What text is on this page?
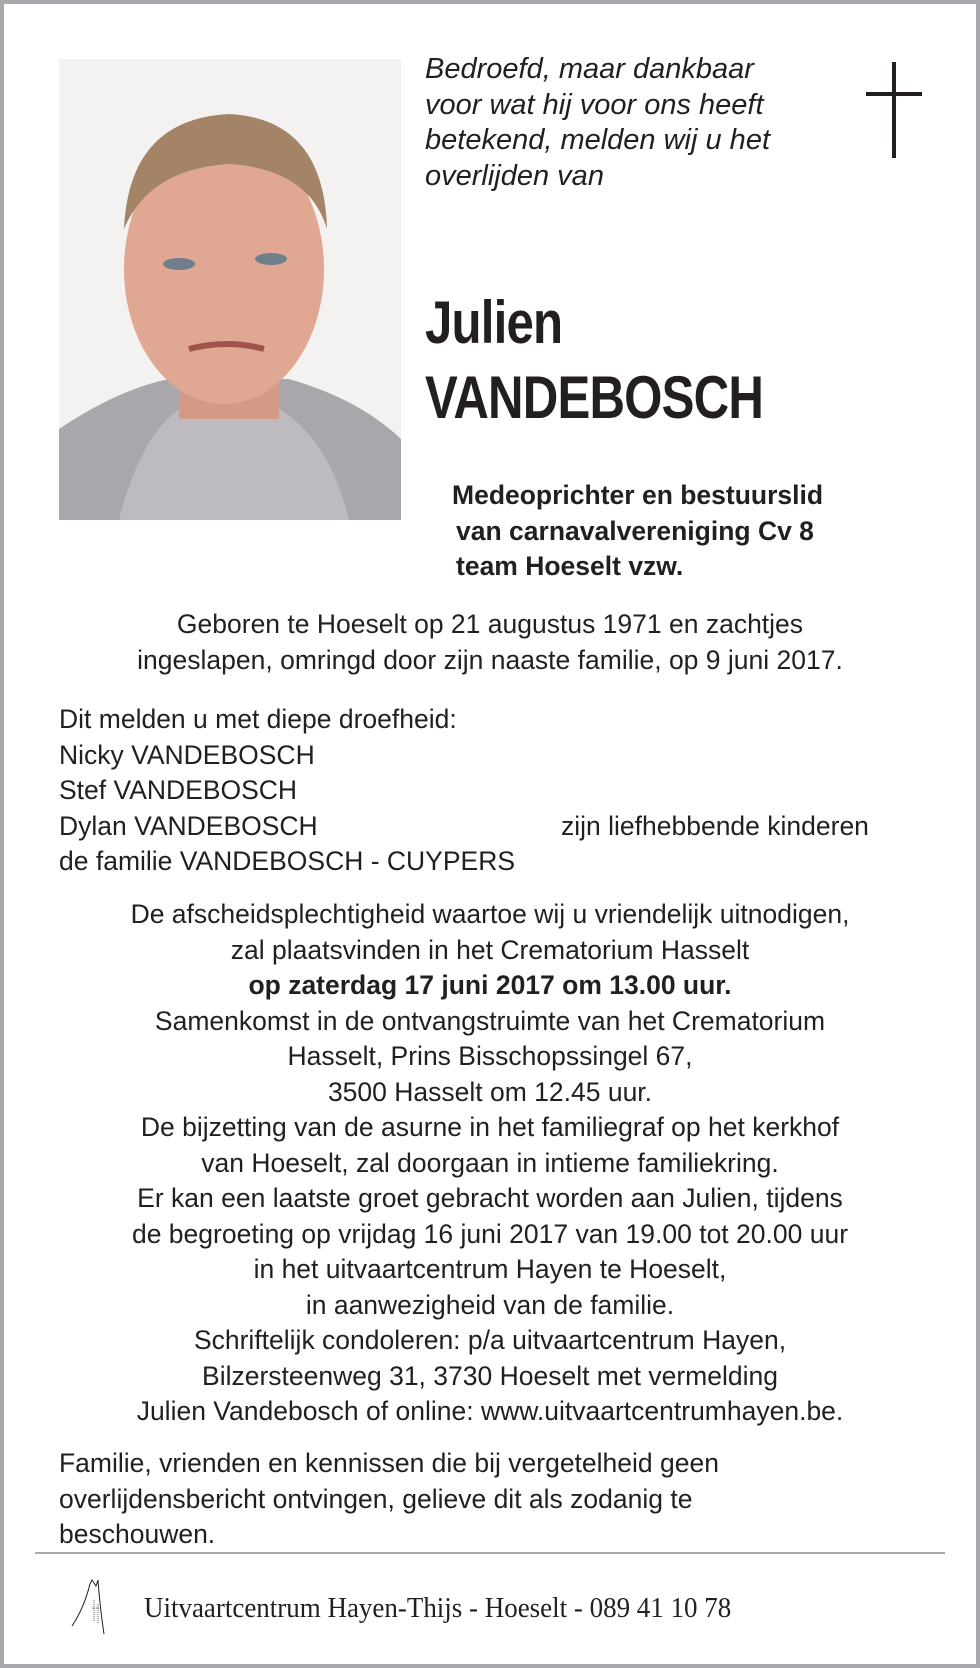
Bedroefd, maar dankbaar
voor wat hij voor ons heeft
betekend, melden wij u het
overlijden van
Julien
VANDEBOSCH
Medeoprichter en bestuurslid
van carnavalvereniging Cv 8
team Hoeselt vzw.
Geboren te Hoeselt op 21 augustus 1971 en zachtjes
ingeslapen, omringd door zijn naaste familie, op 9 juni 2017.
Dit melden u met diepe droefheid:
Nicky VANDEBOSCH
Stef VANDEBOSCH
Dylan VANDEBOSCH	zijn liefhebbende kinderen
de familie VANDEBOSCH - CUYPERS
De afscheidsplechtigheid waartoe wij u vriendelijk uitnodigen,
zal plaatsvinden in het Crematorium Hasselt
op zaterdag 17 juni 2017 om 13.00 uur.
Samenkomst in de ontvangstruimte van het Crematorium
Hasselt, Prins Bisschopssingel 67,
3500 Hasselt om 12.45 uur.
De bijzetting van de asurne in het familiegraf op het kerkhof
van Hoeselt, zal doorgaan in intieme familiekring.
Er kan een laatste groet gebracht worden aan Julien, tijdens
de begroeting op vrijdag 16 juni 2017 van 19.00 tot 20.00 uur
in het uitvaartcentrum Hayen te Hoeselt,
in aanwezigheid van de familie.
Schriftelijk condoleren: p/a uitvaartcentrum Hayen,
Bilzersteenweg 31, 3730 Hoeselt met vermelding
Julien Vandebosch of online: www.uitvaartcentrumhayen.be.
Familie, vrienden en kennissen die bij vergetelheid geen
overlijdensbericht ontvingen, gelieve dit als zodanig te
beschouwen.
Uitvaartcentrum Hayen-Thijs - Hoeselt - 089 41 10 78
